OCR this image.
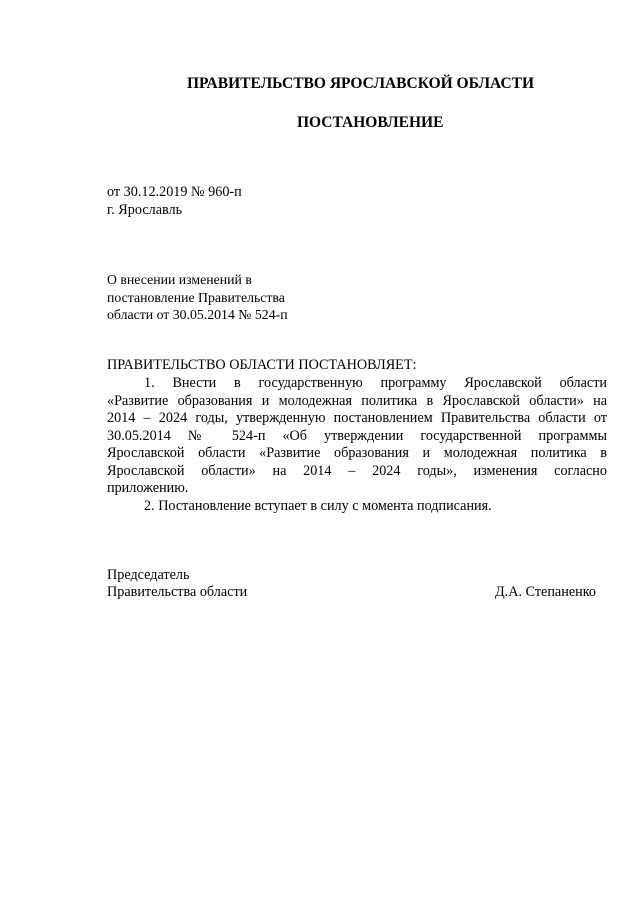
ПРАВИТЕЛЬСТВО ЯРОСЛАВСКОЙ ОБЛАСТИ
ПОСТАНОВЛЕНИЕ
от 30.12.2019 № 960-п
г. Ярославль
О внесении изменений в
постановление Правительства
области от 30.05.2014 № 524-п
ПРАВИТЕЛЬСТВО ОБЛАСТИ ПОСТАНОВЛЯЕТ:
1. Внести в государственную программу Ярославской области
«Развитие образования и молодежная политика в Ярославской области» на
2014 – 2024 годы, утвержденную постановлением Правительства области от
30.05.2014 № 524-п «Об утверждении государственной программы
Ярославской области «Развитие образования и молодежная политика в
Ярославской области» на 2014 – 2024 годы», изменения согласно
приложению.
2. Постановление вступает в силу с момента подписания.
Председатель
Правительства области	Д.А. Степаненко
